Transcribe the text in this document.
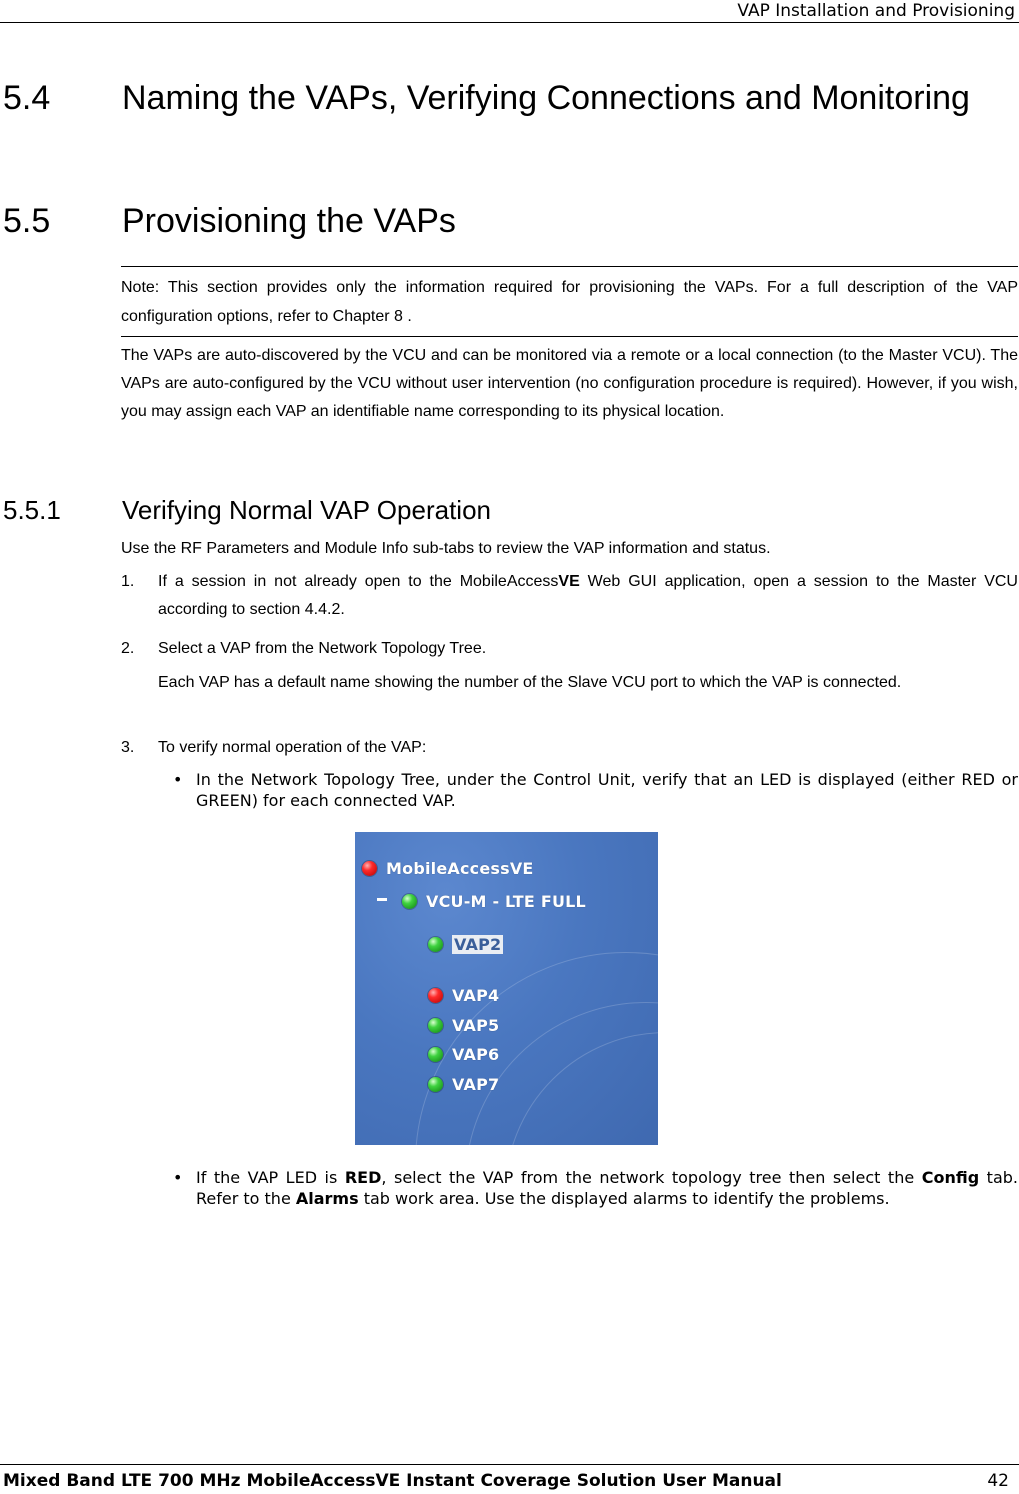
VAP Installation and Provisioning
5.4 Naming the VAPs, Verifying Connections and Monitoring
5.5 Provisioning the VAPs
Note: This section provides only the information required for provisioning the VAPs. For a full description of the VAP configuration options, refer to Chapter 8 .
The VAPs are auto-discovered by the VCU and can be monitored via a remote or a local connection (to the Master VCU). The VAPs are auto-configured by the VCU without user intervention (no configuration procedure is required). However, if you wish, you may assign each VAP an identifiable name corresponding to its physical location.
5.5.1 Verifying Normal VAP Operation
Use the RF Parameters and Module Info sub-tabs to review the VAP information and status.
1. If a session in not already open to the MobileAccessVE Web GUI application, open a session to the Master VCU according to section 4.4.2.
2. Select a VAP from the Network Topology Tree.
Each VAP has a default name showing the number of the Slave VCU port to which the VAP is connected.
3. To verify normal operation of the VAP:
• In the Network Topology Tree, under the Control Unit, verify that an LED is displayed (either RED or GREEN) for each connected VAP.
MobileAccessVE
VCU-M - LTE FULL
VAP2
VAP4
VAP5
VAP6
VAP7
• If the VAP LED is RED, select the VAP from the network topology tree then select the Config tab. Refer to the Alarms tab work area. Use the displayed alarms to identify the problems.
Mixed Band LTE 700 MHz MobileAccessVE Instant Coverage Solution User Manual	42
